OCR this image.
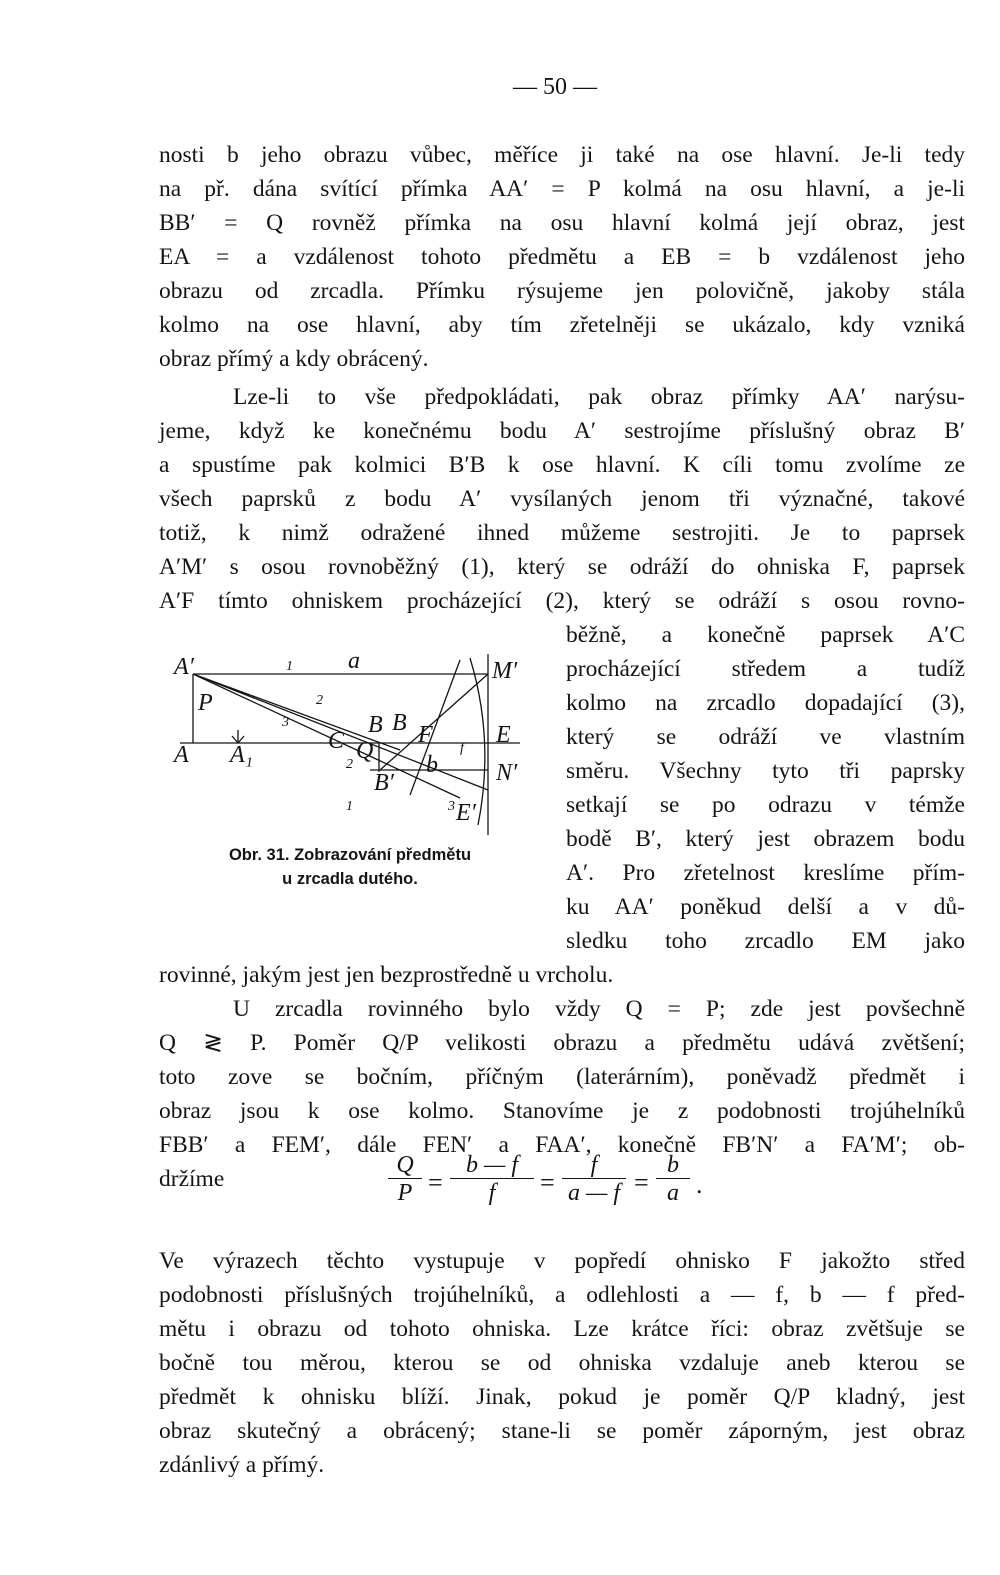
— 50 —
nosti b jeho obrazu vůbec, měříce ji také na ose hlavní. Je-li tedy
na př. dána svítící přímka AA′ = P kolmá na osu hlavní, a je-li
BB′ = Q rovněž přímka na osu hlavní kolmá její obraz, jest
EA = a vzdálenost tohoto předmětu a EB = b vzdálenost jeho
obrazu od zrcadla. Přímku rýsujeme jen polovičně, jakoby stála
kolmo na ose hlavní, aby tím zřetelněji se ukázalo, kdy vzniká
obraz přímý a kdy obrácený.
Lze-li to vše předpokládati, pak obraz přímky AA′ narýsu-
jeme, když ke konečnému bodu A′ sestrojíme příslušný obraz B′
a spustíme pak kolmici B′B k ose hlavní. K cíli tomu zvolíme ze
všech paprsků z bodu A′ vysílaných jenom tři význačné, takové
totiž, k nimž odražené ihned můžeme sestrojiti. Je to paprsek
A′M′ s osou rovnoběžný (1), který se odráží do ohniska F, paprsek
A′F tímto ohniskem procházející (2), který se odráží s osou rovno-
běžně, a konečně paprsek A′C
procházející středem a tudíž
kolmo na zrcadlo dopadající (3),
který se odráží ve vlastním
směru. Všechny tyto tři paprsky
setkají se po odrazu v témže
bodě B′, který jest obrazem bodu
A′. Pro zřetelnost kreslíme přím-
ku AA′ poněkud delší a v dů-
sledku toho zrcadlo EM jako
rovinné, jakým jest jen bezprostředně u vrcholu.
U zrcadla rovinného bylo vždy Q = P; zde jest povšechně
Q ≷ P. Poměr Q/P velikosti obrazu a předmětu udává zvětšení;
toto zove se bočním, příčným (laterárním), poněvadž předmět i
obraz jsou k ose kolmo. Stanovíme je z podobnosti trojúhelníků
FBB′ a FEM′, dále FEN′ a FAA′, konečně FB′N′ a FA′M′; ob-
držíme
Ve výrazech těchto vystupuje v popředí ohnisko F jakožto střed
podobnosti příslušných trojúhelníků, a odlehlosti a — f, b — f před-
mětu i obrazu od tohoto ohniska. Lze krátce říci: obraz zvětšuje se
bočně tou měrou, kterou se od ohniska vzdaluje aneb kterou se
předmět k ohnisku blíží. Jinak, pokud je poměr Q/P kladný, jest
obraz skutečný a obrácený; stane-li se poměr záporným, jest obraz
zdánlivý a přímý.
$\frac{Q}{P} = \frac{b — f}{f} = \frac{f}{a — f} = \frac{b}{a}$ .
A′
P
A A₁
a	M′
C
B B
Q
B′
F
f
b
E
N′
E′
1
2
3
2
1	3
Obr. 31. Zobrazování předmětu
u zrcadla dutého.
